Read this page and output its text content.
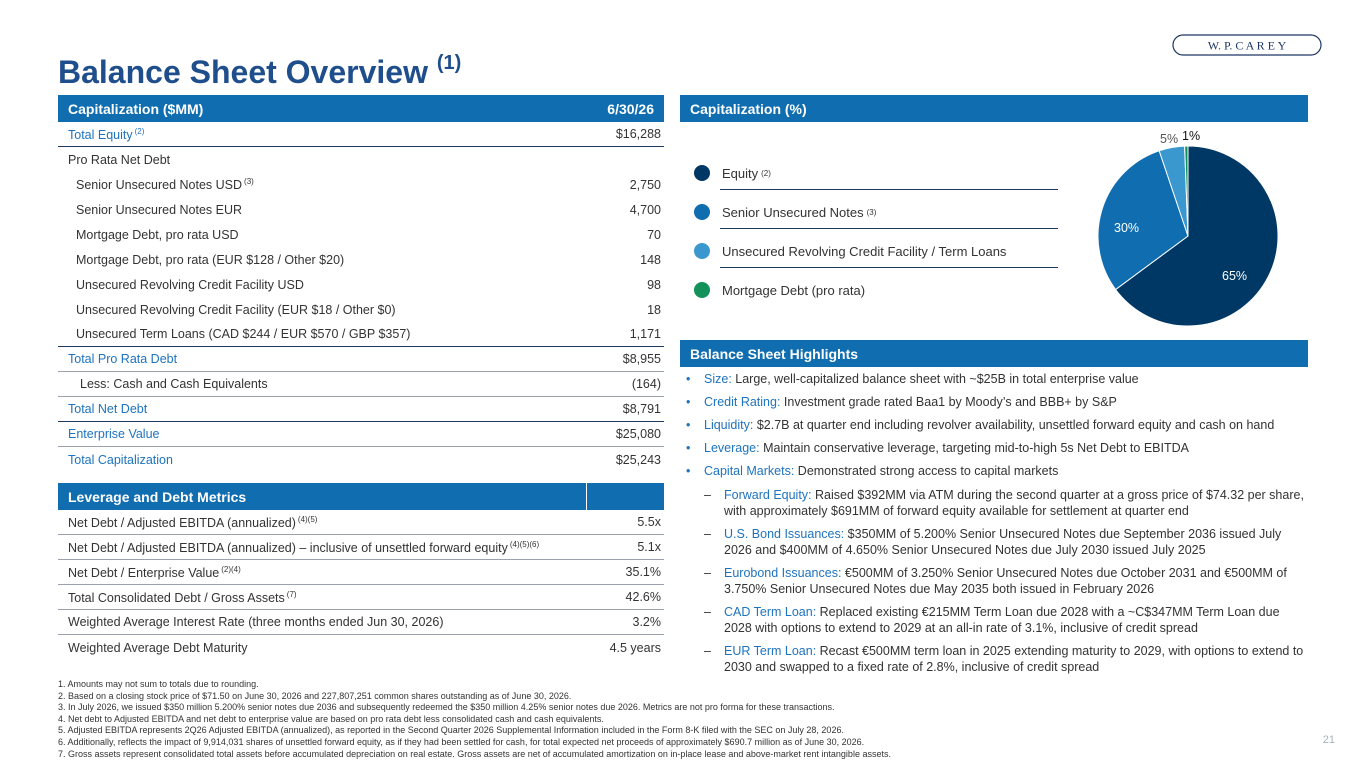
Balance Sheet Overview $^{(1)}$
W. P. C A R E Y
Capitalization ($MM)	6/30/26
Total Equity $^{(2)}$	$16,288
Pro Rata Net Debt
Senior Unsecured Notes USD $^{(3)}$	2,750
Senior Unsecured Notes EUR	4,700
Mortgage Debt, pro rata USD	70
Mortgage Debt, pro rata (EUR $128 / Other $20)	148
Unsecured Revolving Credit Facility USD	98
Unsecured Revolving Credit Facility (EUR $18 / Other $0)	18
Unsecured Term Loans (CAD $244 / EUR $570 / GBP $357)	1,171
Total Pro Rata Debt	$8,955
Less: Cash and Cash Equivalents	(164)
Total Net Debt	$8,791
Enterprise Value	$25,080
Total Capitalization	$25,243
Leverage and Debt Metrics
Net Debt / Adjusted EBITDA (annualized) $^{(4)(5)}$	5.5x
Net Debt / Adjusted EBITDA (annualized) – inclusive of unsettled forward equity $^{(4)(5)(6)}$	5.1x
Net Debt / Enterprise Value $^{(2)(4)}$	35.1%
Total Consolidated Debt / Gross Assets $^{(7)}$	42.6%
Weighted Average Interest Rate (three months ended Jun 30, 2026)	3.2%
Weighted Average Debt Maturity	4.5 years
Capitalization (%)
Equity (2)
Senior Unsecured Notes (3)
Unsecured Revolving Credit Facility / Term Loans
Mortgage Debt (pro rata)
65%
30%
5% 1%
Balance Sheet Highlights
• Size: Large, well-capitalized balance sheet with ~$25B in total enterprise value
• Credit Rating: Investment grade rated Baa1 by Moody’s and BBB+ by S&P
• Liquidity: $2.7B at quarter end including revolver availability, unsettled forward equity and cash on hand
• Leverage: Maintain conservative leverage, targeting mid-to-high 5s Net Debt to EBITDA
• Capital Markets: Demonstrated strong access to capital markets
– Forward Equity: Raised $392MM via ATM during the second quarter at a gross price of $74.32 per share, with approximately $691MM of forward equity available for settlement at quarter end
– U.S. Bond Issuances: $350MM of 5.200% Senior Unsecured Notes due September 2036 issued July 2026 and $400MM of 4.650% Senior Unsecured Notes due July 2030 issued July 2025
– Eurobond Issuances: €500MM of 3.250% Senior Unsecured Notes due October 2031 and €500MM of 3.750% Senior Unsecured Notes due May 2035 both issued in February 2026
– CAD Term Loan: Replaced existing €215MM Term Loan due 2028 with a ~C$347MM Term Loan due 2028 with options to extend to 2029 at an all-in rate of 3.1%, inclusive of credit spread
– EUR Term Loan: Recast €500MM term loan in 2025 extending maturity to 2029, with options to extend to 2030 and swapped to a fixed rate of 2.8%, inclusive of credit spread
1. Amounts may not sum to totals due to rounding.
2. Based on a closing stock price of $71.50 on June 30, 2026 and 227,807,251 common shares outstanding as of June 30, 2026.
3. In July 2026, we issued $350 million 5.200% senior notes due 2036 and subsequently redeemed the $350 million 4.25% senior notes due 2026. Metrics are not pro forma for these transactions.
4. Net debt to Adjusted EBITDA and net debt to enterprise value are based on pro rata debt less consolidated cash and cash equivalents.
5. Adjusted EBITDA represents 2Q26 Adjusted EBITDA (annualized), as reported in the Second Quarter 2026 Supplemental Information included in the Form 8-K filed with the SEC on July 28, 2026.
6. Additionally, reflects the impact of 9,914,031 shares of unsettled forward equity, as if they had been settled for cash, for total expected net proceeds of approximately $690.7 million as of June 30, 2026.
7. Gross assets represent consolidated total assets before accumulated depreciation on real estate. Gross assets are net of accumulated amortization on in-place lease and above-market rent intangible assets.
21
